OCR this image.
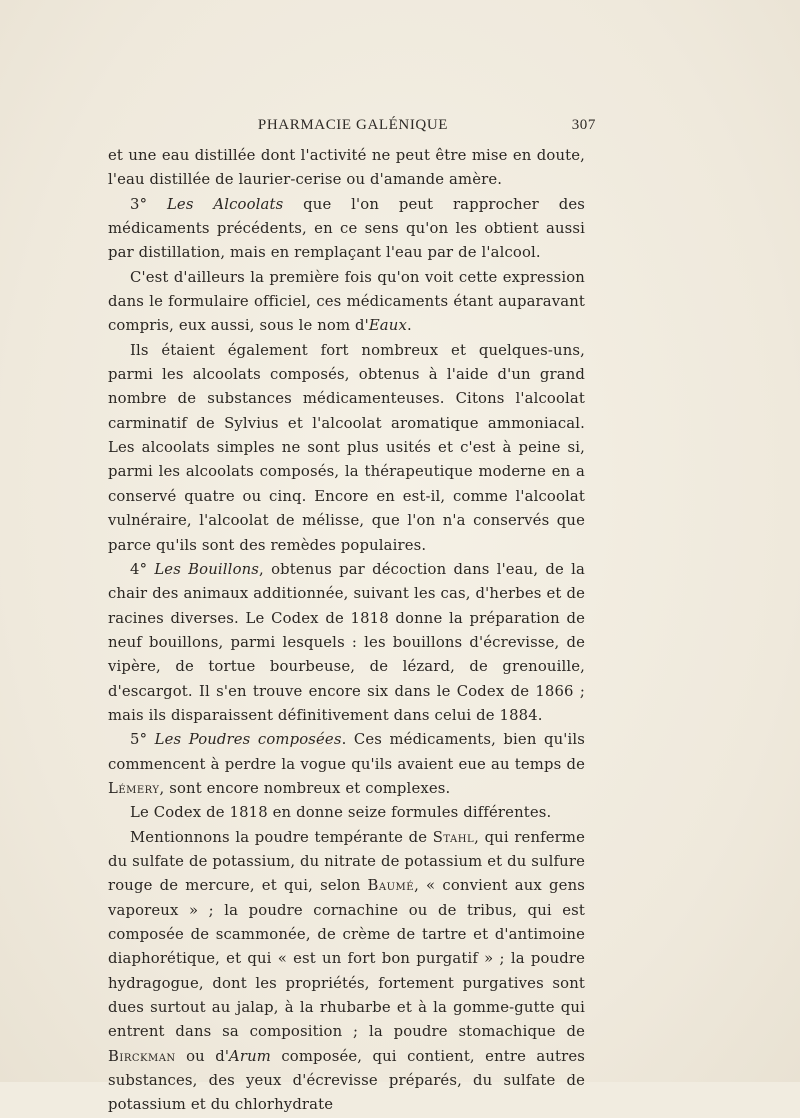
PHARMACIE GALÉNIQUE	307

et une eau distillée dont l'activité ne peut être mise en doute, l'eau distillée de laurier-cerise ou d'amande amère.

3° Les Alcoolats que l'on peut rapprocher des médicaments précédents, en ce sens qu'on les obtient aussi par distillation, mais en remplaçant l'eau par de l'alcool.

C'est d'ailleurs la première fois qu'on voit cette expression dans le formulaire officiel, ces médicaments étant auparavant compris, eux aussi, sous le nom d'Eaux.

Ils étaient également fort nombreux et quelques-uns, parmi les alcoolats composés, obtenus à l'aide d'un grand nombre de substances médicamenteuses. Citons l'alcoolat carminatif de Sylvius et l'alcoolat aromatique ammoniacal. Les alcoolats simples ne sont plus usités et c'est à peine si, parmi les alcoolats composés, la thérapeutique moderne en a conservé quatre ou cinq. Encore en est-il, comme l'alcoolat vulnéraire, l'alcoolat de mélisse, que l'on n'a conservés que parce qu'ils sont des remèdes populaires.

4° Les Bouillons, obtenus par décoction dans l'eau, de la chair des animaux additionnée, suivant les cas, d'herbes et de racines diverses. Le Codex de 1818 donne la préparation de neuf bouillons, parmi lesquels : les bouillons d'écrevisse, de vipère, de tortue bourbeuse, de lézard, de grenouille, d'escargot. Il s'en trouve encore six dans le Codex de 1866 ; mais ils disparaissent définitivement dans celui de 1884.

5° Les Poudres composées. Ces médicaments, bien qu'ils commencent à perdre la vogue qu'ils avaient eue au temps de Lémery, sont encore nombreux et complexes.

Le Codex de 1818 en donne seize formules différentes.

Mentionnons la poudre tempérante de Stahl, qui renferme du sulfate de potassium, du nitrate de potassium et du sulfure rouge de mercure, et qui, selon Baumé, « convient aux gens vaporeux » ; la poudre cornachine ou de tribus, qui est composée de scammonée, de crème de tartre et d'antimoine diaphorétique, et qui « est un fort bon purgatif » ; la poudre hydragogue, dont les propriétés, fortement purgatives sont dues surtout au jalap, à la rhubarbe et à la gomme-gutte qui entrent dans sa composition ; la poudre stomachique de Birckman ou d'Arum composée, qui contient, entre autres substances, des yeux d'écrevisse préparés, du sulfate de potassium et du chlorhydrate
